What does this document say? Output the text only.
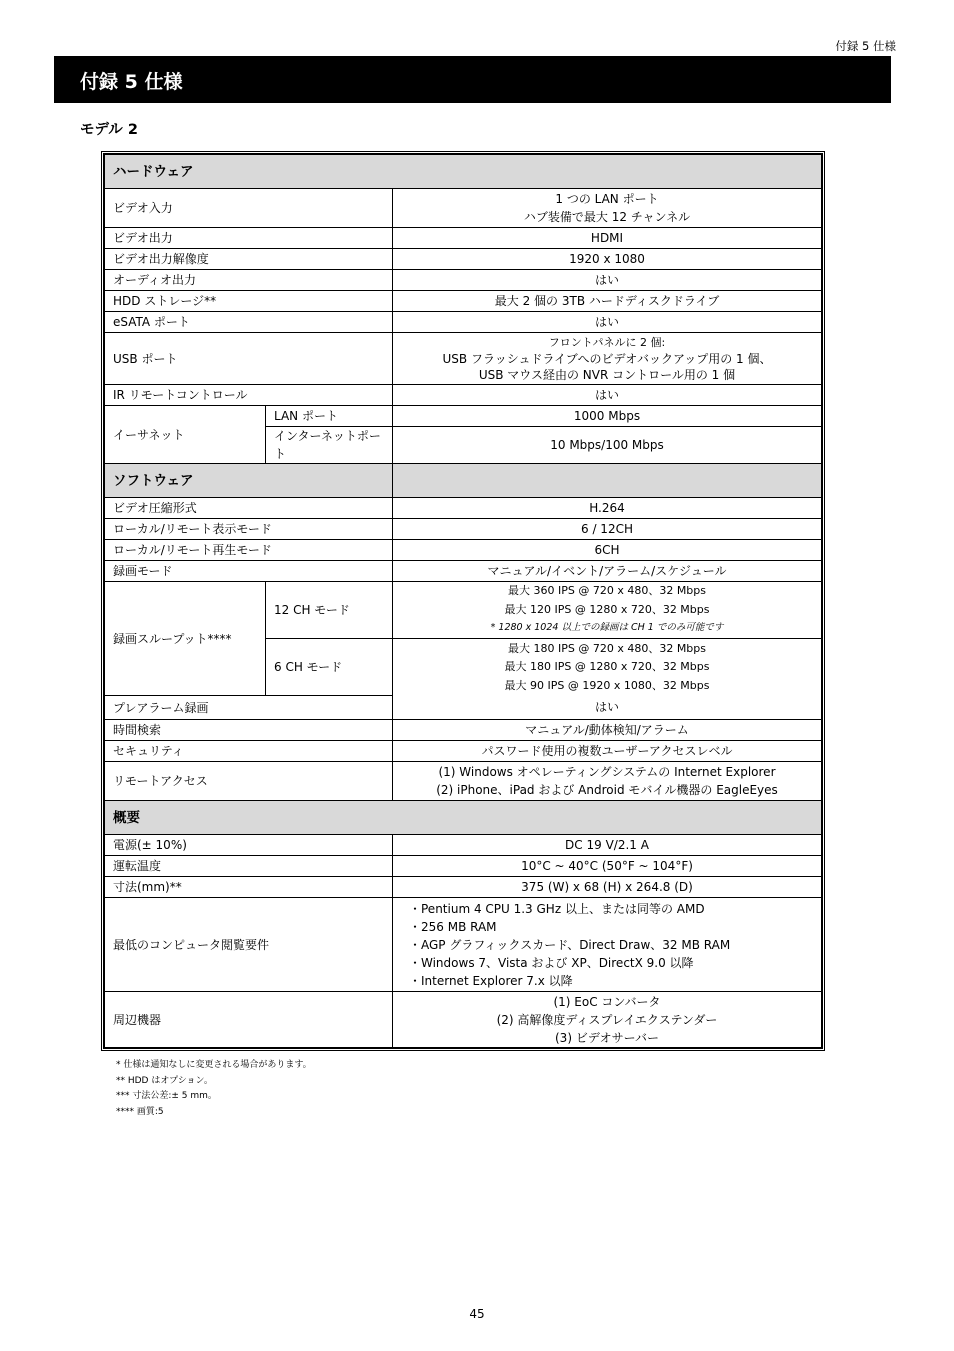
付録 5 仕様
付録 5 仕様
モデル 2
ハードウェア		
ビデオ入力		1 つの LAN ポート
ハブ装備で最大 12 チャンネル

ビデオ出力		HDMI
ビデオ出力解像度		1920 x 1080
オーディオ出力		はい
HDD ストレージ**		最大 2 個の 3TB ハードディスクドライブ
eSATA ポート		はい
USB ポート		フロントパネルに 2 個:
USB フラッシュドライブへのビデオバックアップ用の 1 個、
USB マウス経由の NVR コントロール用の 1 個

IR リモートコントロール		はい
イーサネット	LAN ポート	1000 Mbps
	インターネットポート	10 Mbps/100 Mbps
ソフトウェア		
ビデオ圧縮形式		H.264
ローカル/リモート表示モード		6 / 12CH
ローカル/リモート再生モード		6CH
録画モード		マニュアル/イベント/アラーム/スケジュール
録画スループット****	12 CH モード	最大 360 IPS @ 720 x 480、32 Mbps
最大 120 IPS @ 1280 x 720、32 Mbps
* 1280 x 1024 以上での録画は CH 1 でのみ可能です

	6 CH モード	最大 180 IPS @ 720 x 480、32 Mbps
最大 180 IPS @ 1280 x 720、32 Mbps
最大 90 IPS @ 1920 x 1080、32 Mbps

プレアラーム録画		はい
時間検索		マニュアル/動体検知/アラーム
セキュリティ		パスワード使用の複数ユーザーアクセスレベル
リモートアクセス		(1) Windows オペレーティングシステムの Internet Explorer
(2) iPhone、iPad および Android モバイル機器の EagleEyes

概要		
電源(± 10%)		DC 19 V/2.1 A
運転温度		10°C ~ 40°C (50°F ~ 104°F)
寸法(mm)**		375 (W) x 68 (H) x 264.8 (D)
最低のコンピュータ閲覧要件		・Pentium 4 CPU 1.3 GHz 以上、または同等の AMD
・256 MB RAM
・AGP グラフィックスカード、Direct Draw、32 MB RAM
・Windows 7、Vista および XP、DirectX 9.0 以降
・Internet Explorer 7.x 以降

周辺機器		(1) EoC コンバータ
(2) 高解像度ディスプレイエクステンダー
(3) ビデオサーバー
* 仕様は通知なしに変更される場合があります。
** HDD はオプション。
*** 寸法公差:± 5 mm。
**** 画質:5
45
